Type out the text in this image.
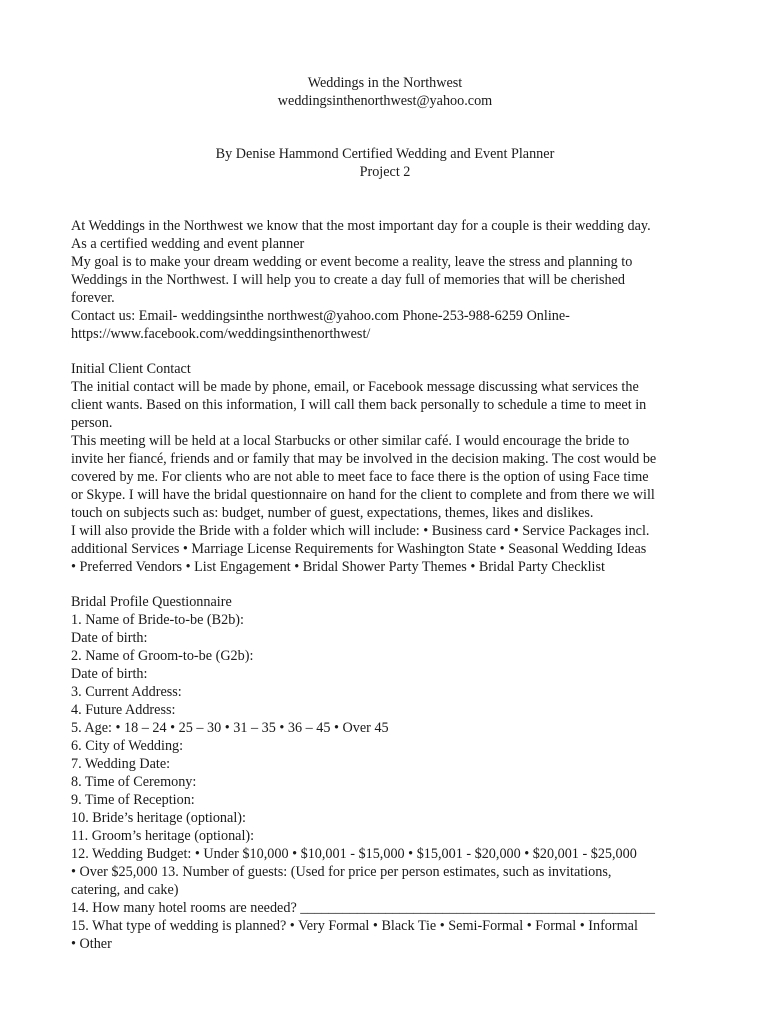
Weddings in the Northwest
weddingsinthenorthwest@yahoo.com
By Denise Hammond Certified Wedding and Event Planner
Project 2
At Weddings in the Northwest we know that the most important day for a couple is their wedding day.
As a certified wedding and event planner
My goal is to make your dream wedding or event become a reality, leave the stress and planning to
Weddings in the Northwest. I will help you to create a day full of memories that will be cherished
forever.
Contact us: Email- weddingsinthe northwest@yahoo.com Phone-253-988-6259 Online-
https://www.facebook.com/weddingsinthenorthwest/
Initial Client Contact
The initial contact will be made by phone, email, or Facebook message discussing what services the
client wants. Based on this information, I will call them back personally to schedule a time to meet in
person.
This meeting will be held at a local Starbucks or other similar café. I would encourage the bride to
invite her fiancé, friends and or family that may be involved in the decision making. The cost would be
covered by me. For clients who are not able to meet face to face there is the option of using Face time
or Skype. I will have the bridal questionnaire on hand for the client to complete and from there we will
touch on subjects such as: budget, number of guest, expectations, themes, likes and dislikes.
I will also provide the Bride with a folder which will include: • Business card • Service Packages incl.
additional Services • Marriage License Requirements for Washington State • Seasonal Wedding Ideas
• Preferred Vendors • List Engagement • Bridal Shower Party Themes • Bridal Party Checklist
Bridal Profile Questionnaire
1. Name of Bride-to-be (B2b):
Date of birth:
2. Name of Groom-to-be (G2b):
Date of birth:
3. Current Address:
4. Future Address:
5. Age: • 18 – 24 • 25 – 30 • 31 – 35 • 36 – 45 • Over 45
6. City of Wedding:
7. Wedding Date:
8. Time of Ceremony:
9. Time of Reception:
10. Bride’s heritage (optional):
11. Groom’s heritage (optional):
12. Wedding Budget: • Under $10,000 • $10,001 - $15,000 • $15,001 - $20,000 • $20,001 - $25,000
• Over $25,000 13. Number of guests: (Used for price per person estimates, such as invitations,
catering, and cake)
14. How many hotel rooms are needed? __________________________________________________
15. What type of wedding is planned? • Very Formal • Black Tie • Semi-Formal • Formal • Informal
• Other
